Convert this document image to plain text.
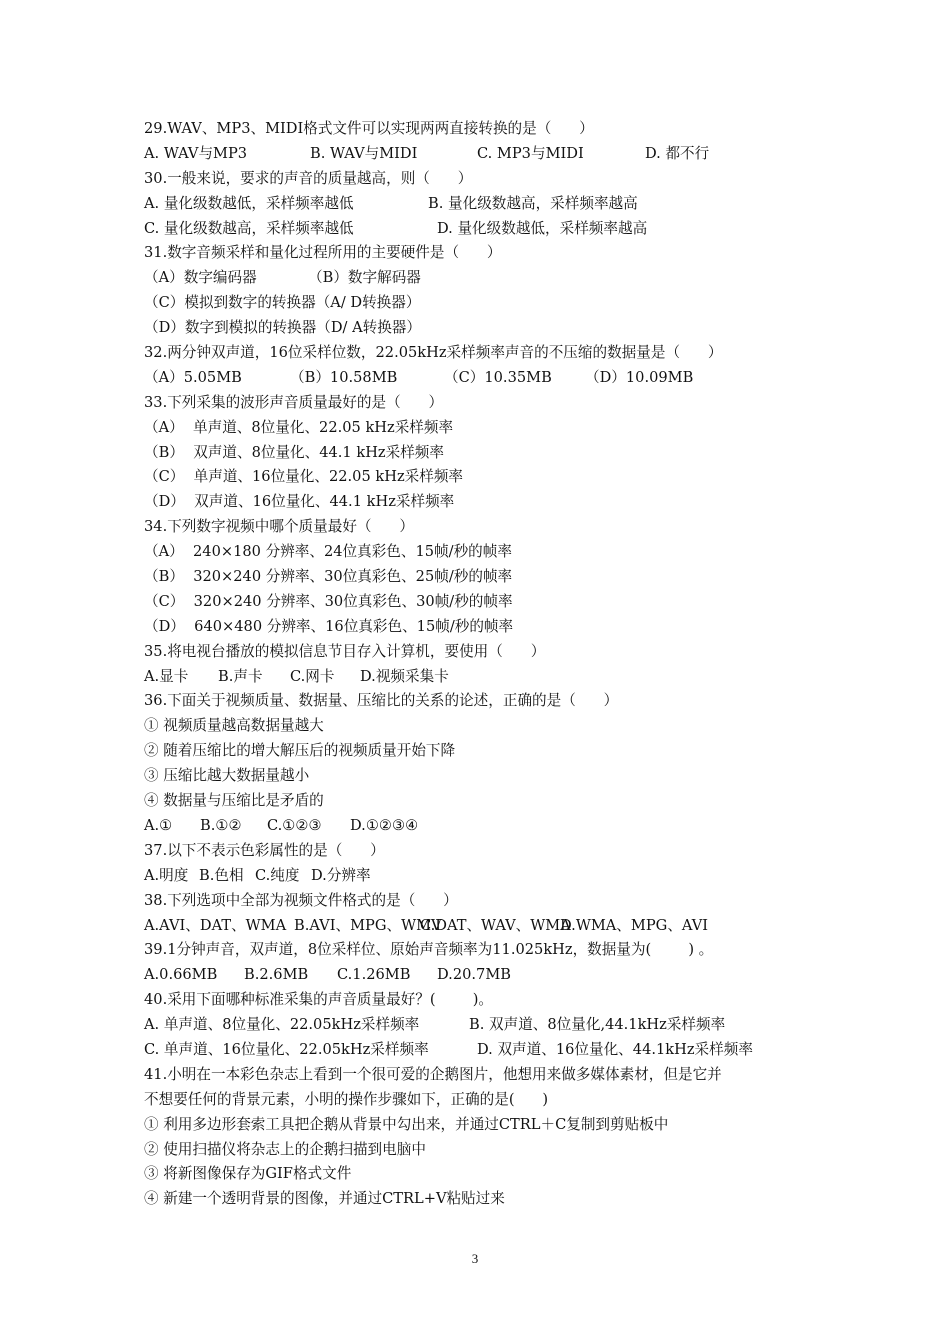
29.WAV、MP3、MIDI格式文件可以实现两两直接转换的是（      ）
A. WAV与MP3	B. WAV与MIDI	C. MP3与MIDI	D. 都不行
30.一般来说，要求的声音的质量越高，则（      ）
A. 量化级数越低，采样频率越低	B. 量化级数越高，采样频率越高
C. 量化级数越高，采样频率越低	D. 量化级数越低，采样频率越高
31.数字音频采样和量化过程所用的主要硬件是（      ）
（A）数字编码器	（B）数字解码器
（C）模拟到数字的转换器（A/ D转换器）
（D）数字到模拟的转换器（D/ A转换器）
32.两分钟双声道，16位采样位数，22.05kHz采样频率声音的不压缩的数据量是（      ）
（A）5.05MB	（B）10.58MB	（C）10.35MB	（D）10.09MB
33.下列采集的波形声音质量最好的是（      ）
（A）  单声道、8位量化、22.05 kHz采样频率
（B）  双声道、8位量化、44.1 kHz采样频率
（C）  单声道、16位量化、22.05 kHz采样频率
（D）  双声道、16位量化、44.1 kHz采样频率
34.下列数字视频中哪个质量最好（      ）
（A）  240×180 分辨率、24位真彩色、15帧/秒的帧率
（B）  320×240 分辨率、30位真彩色、25帧/秒的帧率
（C）  320×240 分辨率、30位真彩色、30帧/秒的帧率
（D）  640×480 分辨率、16位真彩色、15帧/秒的帧率
35.将电视台播放的模拟信息节目存入计算机，要使用（      ）
A.显卡	B.声卡	C.网卡	D.视频采集卡
36.下面关于视频质量、数据量、压缩比的关系的论述，正确的是（      ）
① 视频质量越高数据量越大
② 随着压缩比的增大解压后的视频质量开始下降
③ 压缩比越大数据量越小
④ 数据量与压缩比是矛盾的
A.①	B.①②	C.①②③	D.①②③④
37.以下不表示色彩属性的是（      ）
A.明度 B.色相 C.纯度 D.分辨率
38.下列选项中全部为视频文件格式的是（      ）
A.AVI、DAT、WMA B.AVI、MPG、WMV
C.DAT、WAV、WMA
D.WMA、MPG、AVI
39.1分钟声音，双声道，8位采样位、原始声音频率为11.025kHz，数据量为(        ) 。
A.0.66MB	B.2.6MB	C.1.26MB	D.20.7MB
40.采用下面哪种标准采集的声音质量最好？(        )。
A. 单声道、8位量化、22.05kHz采样频率	B. 双声道、8位量化,44.1kHz采样频率
C. 单声道、16位量化、22.05kHz采样频率	D. 双声道、16位量化、44.1kHz采样频率
41.小明在一本彩色杂志上看到一个很可爱的企鹅图片，他想用来做多媒体素材，但是它并
不想要任何的背景元素，小明的操作步骤如下，正确的是(      )
① 利用多边形套索工具把企鹅从背景中勾出来，并通过CTRL＋C复制到剪贴板中
② 使用扫描仪将杂志上的企鹅扫描到电脑中
③ 将新图像保存为GIF格式文件
④ 新建一个透明背景的图像，并通过CTRL+V粘贴过来
3
